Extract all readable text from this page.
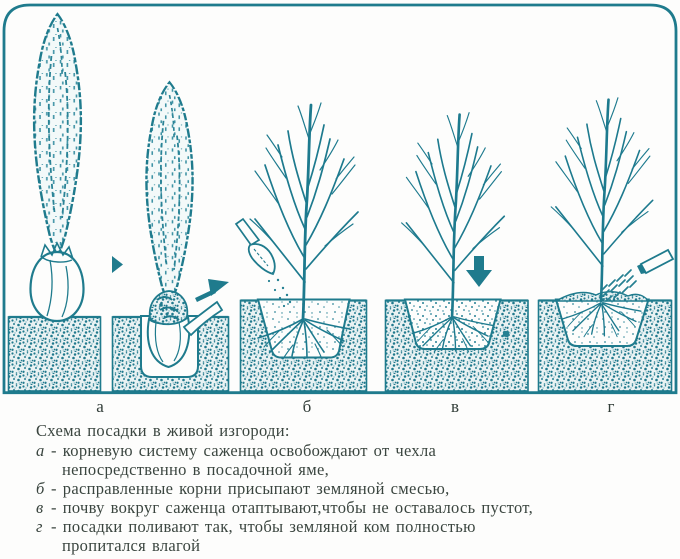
а	б	в	г
Схема посадки в живой изгороди:
а - корневую систему саженца освобождают от чехла
непосредственно в посадочной яме,
б - расправленные корни присыпают земляной смесью,
в - почву вокруг саженца отаптывают,чтобы не оставалось пустот,
г - посадки поливают так, чтобы земляной ком полностью
пропитался влагой
